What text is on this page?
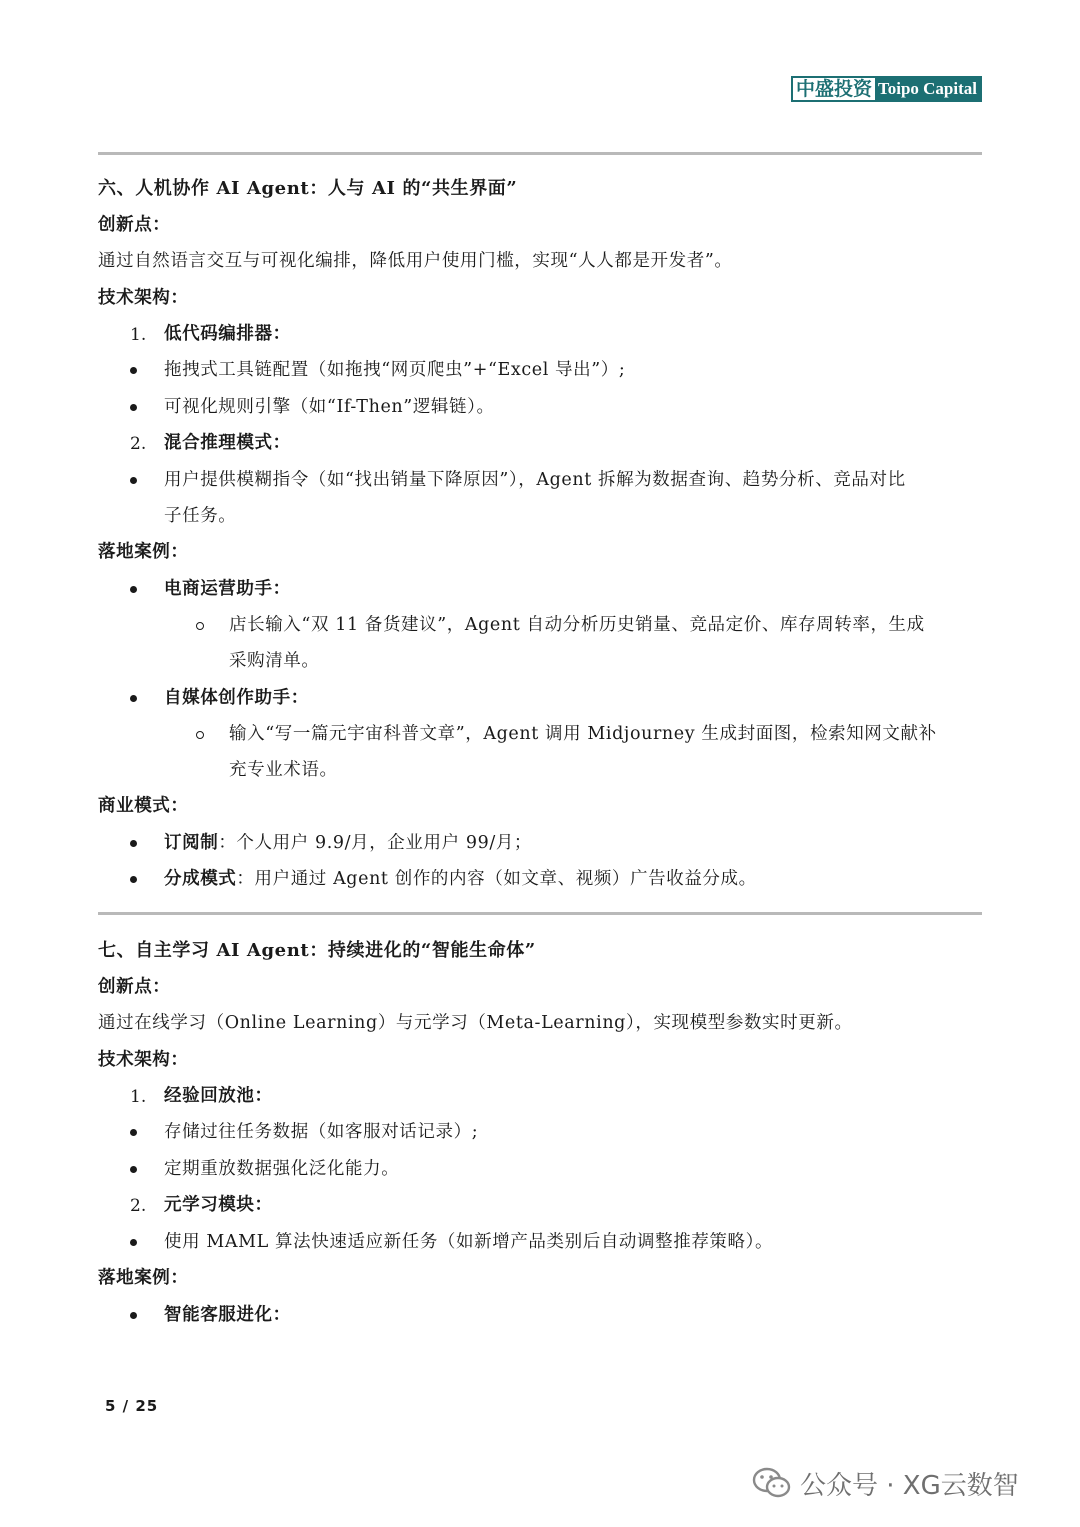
中盛投资 Toipo Capital
六、人机协作 AI Agent：人与 AI 的“共生界面”
创新点：
通过自然语言交互与可视化编排，降低用户使用门槛，实现“人人都是开发者”。
技术架构：
1. 低代码编排器：
拖拽式工具链配置（如拖拽“网页爬虫”+“Excel 导出”）;
可视化规则引擎（如“If-Then”逻辑链）。
2. 混合推理模式：
用户提供模糊指令（如“找出销量下降原因”），Agent 拆解为数据查询、趋势分析、竞品对比
子任务。
落地案例：
电商运营助手：
店长输入“双 11 备货建议”，Agent 自动分析历史销量、竞品定价、库存周转率，生成
采购清单。
自媒体创作助手：
输入“写一篇元宇宙科普文章”，Agent 调用 Midjourney 生成封面图，检索知网文献补
充专业术语。
商业模式：
订阅制：个人用户 9.9/月，企业用户 99/月；
分成模式：用户通过 Agent 创作的内容（如文章、视频）广告收益分成。
七、自主学习 AI Agent：持续进化的“智能生命体”
创新点：
通过在线学习（Online Learning）与元学习（Meta-Learning），实现模型参数实时更新。
技术架构：
1. 经验回放池：
存储过往任务数据（如客服对话记录）;
定期重放数据强化泛化能力。
2. 元学习模块：
使用 MAML 算法快速适应新任务（如新增产品类别后自动调整推荐策略）。
落地案例：
智能客服进化：
5 / 25
公众号 · XG云数智
